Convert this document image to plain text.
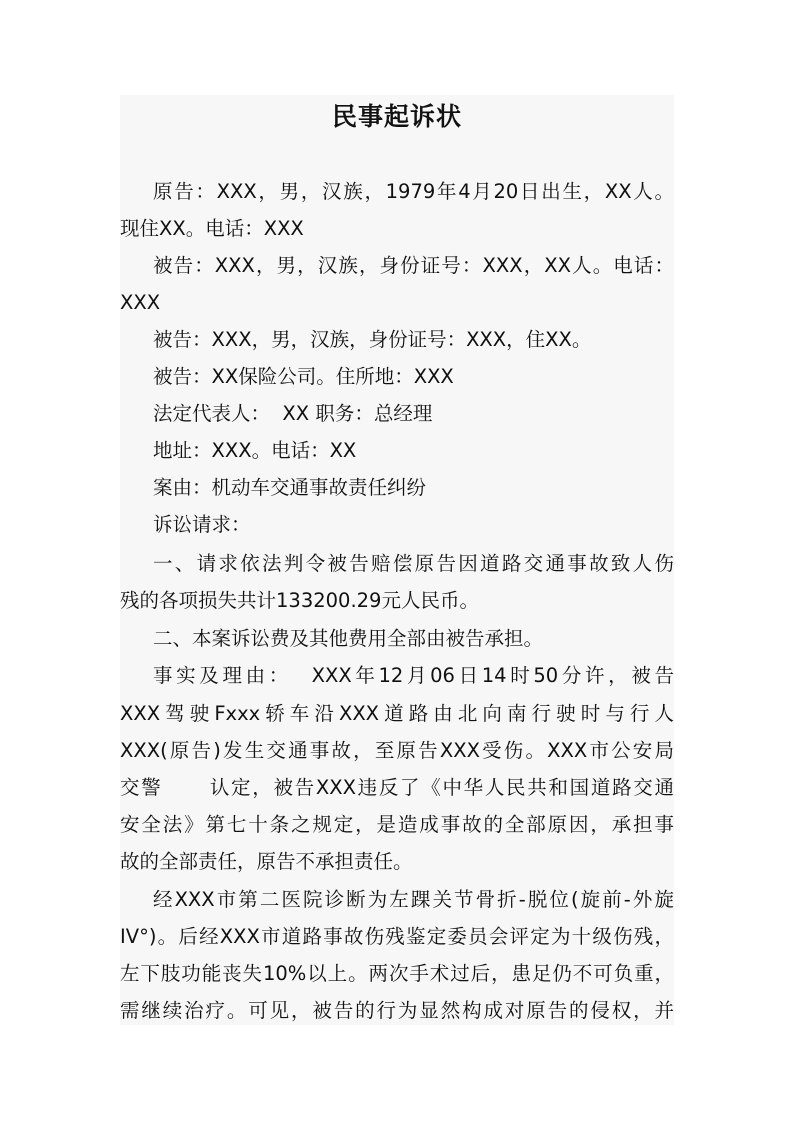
民事起诉状
原告：XXX，男，汉族，1979年4月20日出生，XX人。
现住XX。电话：XXX
被告：XXX，男，汉族，身份证号：XXX，XX人。电话：
XXX
被告：XXX，男，汉族，身份证号：XXX，住XX。
被告：XX保险公司。住所地：XXX
法定代表人：  XX 职务：总经理
地址：XXX。电话：XX
案由：机动车交通事故责任纠纷
诉讼请求：
一、请求依法判令被告赔偿原告因道路交通事故致人伤
残的各项损失共计133200.29元人民币。
二、本案诉讼费及其他费用全部由被告承担。
事实及理由：  XXX年12月06日14时50分许，被告
XXX驾驶Fxxx轿车沿XXX道路由北向南行驶时与行人
XXX(原告)发生交通事故，至原告XXX受伤。XXX市公安局
交警      认定，被告XXX违反了《中华人民共和国道路交通
安全法》第七十条之规定，是造成事故的全部原因，承担事
故的全部责任，原告不承担责任。
经XXX市第二医院诊断为左踝关节骨折-脱位(旋前-外旋
IV°)。后经XXX市道路事故伤残鉴定委员会评定为十级伤残，
左下肢功能丧失10%以上。两次手术过后，患足仍不可负重，
需继续治疗。可见，被告的行为显然构成对原告的侵权，并
